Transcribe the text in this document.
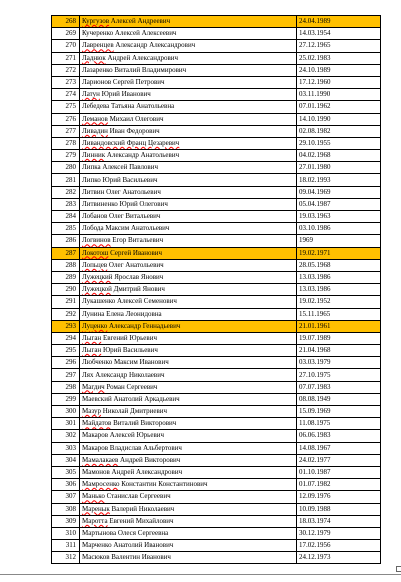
268	Кургузов Алексей Андреевич	24.04.1989
269	Кучеренко Алексей Алексеевич	14.03.1954
270	Лавренцев Александр Александрович	27.12.1965
271	Ладнюк Андрей Александрович	25.02.1983
272	Лазаренко Виталий Владимирович	24.10.1989
273	Ларионов Сергей Петрович	17.12.1960
274	Латун Юрий Иванович	03.11.1990
275	Лебедева Татьяна Анатольевна	07.01.1962
276	Леманов Михаил Олегович	14.10.1990
277	Ливадин Иван Федорович	02.08.1982
278	Ливандовский Франц Цезаревич	29.10.1955
279	Линник Александр Анатольевич	04.02.1968
280	Липка Алексей Павлович	27.01.1980
281	Липко Юрий Васильевич	18.02.1993
282	Литвин Олег Анатольевич	09.04.1969
283	Литвиненко Юрий Олегович	05.04.1987
284	Лобанов Олег Витальевич	19.03.1963
285	Лобода Максим Анатольевич	03.10.1986
286	Логвинов Егор Витальевич	1969
287	Локотош Сергей Иванович	19.02.1971
288	Лопьцев Олег Анатольевич	28.05.1968
289	Лужецкий Ярослав Янович	13.03.1986
290	Лужецкой Дмитрий Янович	13.03.1986
291	Лукашенко Алексей Семенович	19.02.1952
292	Лунина Елена Леонидовна	15.11.1965
293	Луценко Александр Геннадьевич	21.01.1961
294	Лыган Евгений Юрьевич	19.07.1989
295	Лыган Юрий Васильевич	21.04.1968
296	Любченко Максим Иванович	03.03.1979
297	Лях Александр Николаевич	27.10.1975
298	Магдич Роман Сергеевич	07.07.1983
299	Маевский Анатолий Аркадьевич	08.08.1949
300	Мазур Николай Дмитриевич	15.09.1969
301	Майдатов Виталий Викторович	11.08.1975
302	Макаров Алексей Юрьевич	06.06.1983
303	Макаров Владислав Альбертович	14.08.1967
304	Мамалакаев Андрей Викторович	24.02.1977
305	Мамонов Андрей Александрович	01.10.1987
306	Мамросенко Константин Константинович	01.07.1982
307	Манько Станислав Сергеевич	12.09.1976
308	Маренык Валерий Николаевич	10.09.1988
309	Маротта Евгений Михайлович	18.03.1974
310	Мартынова Олеся Сергеевна	30.12.1979
311	Марченко Анатолий Иванович	17.02.1956
312	Масюков Валентин Иванович	24.12.1973
